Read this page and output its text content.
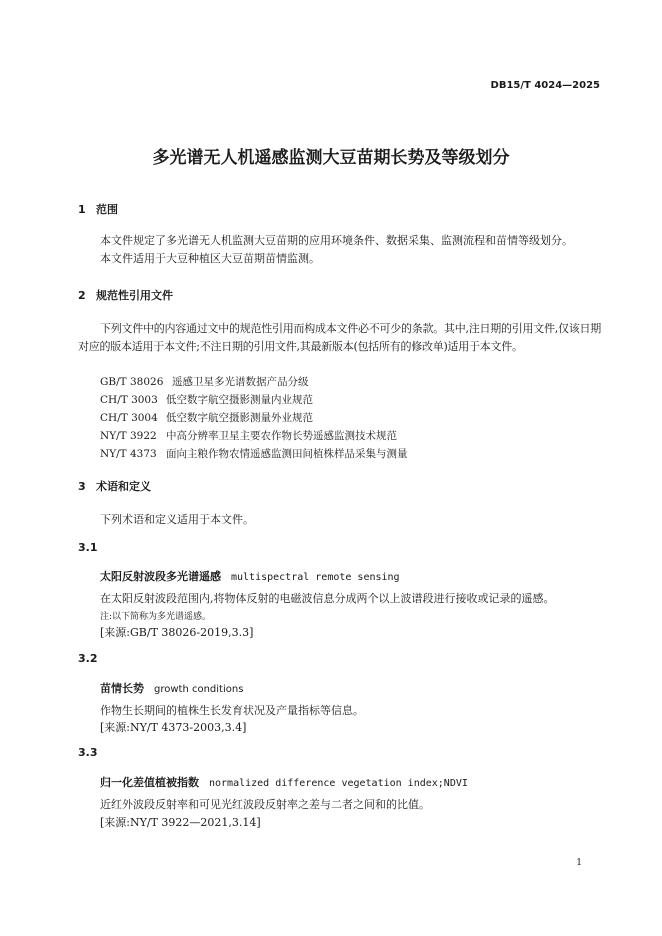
DB15/T 4024—2025
多光谱无人机遥感监测大豆苗期长势及等级划分
1 范围
本文件规定了多光谱无人机监测大豆苗期的应用环境条件、数据采集、监测流程和苗情等级划分。
本文件适用于大豆种植区大豆苗期苗情监测。
2 规范性引用文件
下列文件中的内容通过文中的规范性引用而构成本文件必不可少的条款。其中,注日期的引用文件,仅该日期对应的版本适用于本文件;不注日期的引用文件,其最新版本(包括所有的修改单)适用于本文件。
GB/T 38026 遥感卫星多光谱数据产品分级
CH/T 3003 低空数字航空摄影测量内业规范
CH/T 3004 低空数字航空摄影测量外业规范
NY/T 3922 中高分辨率卫星主要农作物长势遥感监测技术规范
NY/T 4373 面向主粮作物农情遥感监测田间植株样品采集与测量
3 术语和定义
下列术语和定义适用于本文件。
3.1
太阳反射波段多光谱遥感 multispectral remote sensing
在太阳反射波段范围内,将物体反射的电磁波信息分成两个以上波谱段进行接收或记录的遥感。
注:以下简称为多光谱遥感。
[来源:GB/T 38026-2019,3.3]
3.2
苗情长势 growth conditions
作物生长期间的植株生长发育状况及产量指标等信息。
[来源:NY/T 4373-2003,3.4]
3.3
归一化差值植被指数 normalized difference vegetation index;NDVI
近红外波段反射率和可见光红波段反射率之差与二者之间和的比值。
[来源:NY/T 3922—2021,3.14]
1
